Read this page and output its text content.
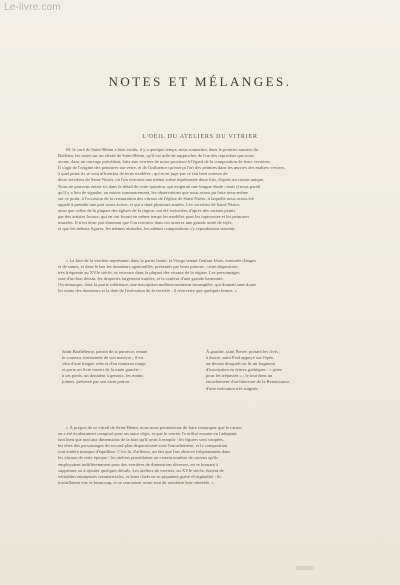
Le-livre.com
NOTES ET MÉLANGES.
L'OEIL DU ATELIERS DU VITRIER
M. le curé de Saint-Bénin a bien voulu, il y a quelque temps, nous soumettre, dans le premier numéro du
Bulletin, les notes sur un vitrail de Saint-Bénin, qu'il est utile de rapprocher de l'un des reproches que nous
avons, dans un ouvrage précédent, faits aux verriers de notre province à l'égard de la composition de leurs verrières.
Il s'agit de l'origine des peintures sur verre, et de l'influence qu'exerça l'art des peintres dans les œuvres des maîtres verriers,
à quel point ils se sont affranchis de leurs modèles ; qu'on en juge par ce fait bien curieux de
deux verrières de Saint-Nizier, où l'on retrouve une même scène représentée deux fois, d'après un carton unique.
Nous ne pouvons entrer ici dans le détail de cette question, qui exigerait une longue étude ; mais il nous paraît
qu'il y a lieu de signaler, au moins sommairement, les observations que nous avons pu faire nous-même
sur ce point, à l'occasion de la restauration des vitraux de l'église de Saint-Nizier, à laquelle nous avons été
appelé à prendre une part assez active, et qui a duré plusieurs années. Les verrières de Saint-Nizier,
ainsi que celles de la plupart des églises de la région, ont été exécutées d'après des cartons peints
par des artistes locaux, qui en ont fourni en même temps les modèles pour les tapisseries et les peintures
murales. Il n'est donc pas étonnant que l'on retrouve dans ces œuvres une grande unité de style,
et que les mêmes figures, les mêmes attitudes, les mêmes compositions s'y reproduisent souvent.
« La face de la verrière représente, dans la partie haute, la Vierge tenant l'enfant Jésus, entourée d'anges
et de saints, et dans le bas les donateurs agenouillés, présentés par leurs patrons ; cette disposition,
très fréquente au XVIe siècle, se retrouve dans la plupart des vitraux de la région. Les personnages
sont d'un bon dessin, les draperies largement traitées, et la couleur d'une grande harmonie.
On remarque, dans la partie inférieure, une inscription malheureusement incomplète, qui donnait sans doute
les noms des donateurs et la date de l'exécution de la verrière ; il n'en reste que quelques lettres. »
Saint Barthélemy, patron de la paroisse, tenant
le couteau, instrument de son martyre ; il est
vêtu d'une longue robe et d'un manteau rouge,
et porte un livre ouvert de la main gauche ;
à ses pieds, un donateur à genoux, les mains
jointes, présenté par son saint patron.
À gauche, saint Pierre, portant les clefs ;
à droite, saint Paul appuyé sur l'épée,
au-dessus desquels on lit un fragment
d'inscription en lettres gothiques : « priez
pour les trépassés » ; le tout dans un
encadrement d'architecture de la Renaissance,
d'une exécution très soignée.
« À propos de ce vitrail de Saint-Bénin, nous nous permettrons de faire remarquer que le carton
en a été évidemment composé pour un autre objet, et que le verrier l'a utilisé ensuite en l'adaptant
tant bien que mal aux dimensions de la baie qu'il avait à remplir : les figures sont coupées,
les têtes des personnages du second plan disparaissent sous l'encadrement, et la composition
tout entière manque d'équilibre. C'est là, d'ailleurs, un fait que l'on observe fréquemment dans
les vitraux de cette époque : les ateliers possédaient un certain nombre de cartons qu'ils
employaient indifféremment pour des verrières de dimensions diverses, en se bornant à
supprimer ou à ajouter quelques détails. Les ateliers de verriers, au XVIe siècle, étaient de
véritables entreprises commerciales, et leurs chefs ne se piquaient guère d'originalité ; ils
travaillaient vite et beaucoup, et se souciaient avant tout de satisfaire leur clientèle. »
